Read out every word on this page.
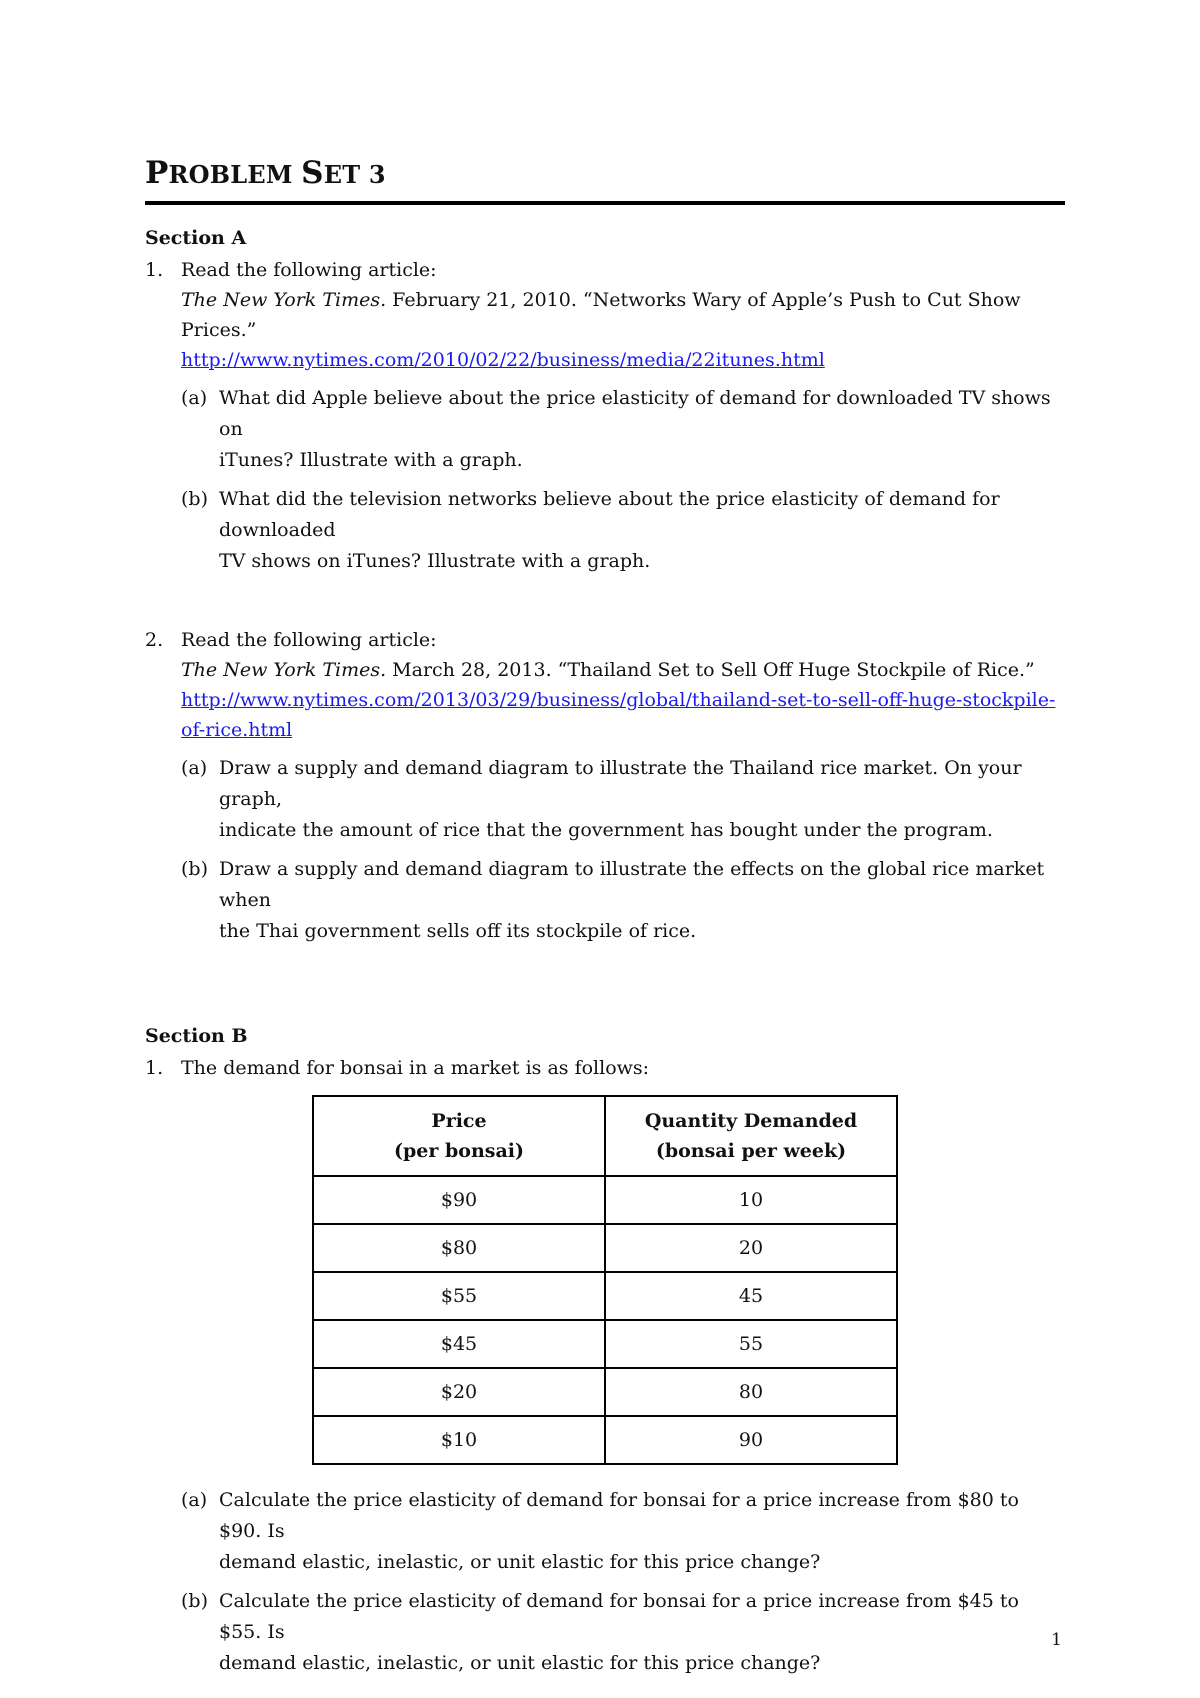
PROBLEM SET 3
Section A
1. Read the following article:
The New York Times. February 21, 2010. “Networks Wary of Apple’s Push to Cut Show Prices.”
http://www.nytimes.com/2010/02/22/business/media/22itunes.html
(a) What did Apple believe about the price elasticity of demand for downloaded TV shows on
iTunes? Illustrate with a graph.
(b) What did the television networks believe about the price elasticity of demand for downloaded
TV shows on iTunes? Illustrate with a graph.
2. Read the following article:
The New York Times. March 28, 2013. “Thailand Set to Sell Off Huge Stockpile of Rice.”
http://www.nytimes.com/2013/03/29/business/global/thailand-set-to-sell-off-huge-stockpile-
of-rice.html
(a) Draw a supply and demand diagram to illustrate the Thailand rice market. On your graph,
indicate the amount of rice that the government has bought under the program.
(b) Draw a supply and demand diagram to illustrate the effects on the global rice market when
the Thai government sells off its stockpile of rice.
Section B
1. The demand for bonsai in a market is as follows:
Price
(per bonsai)	Quantity Demanded
(bonsai per week)

$90	10
$80	20
$55	45
$45	55
$20	80
$10	90
(a) Calculate the price elasticity of demand for bonsai for a price increase from $80 to $90. Is
demand elastic, inelastic, or unit elastic for this price change?
(b) Calculate the price elasticity of demand for bonsai for a price increase from $45 to $55. Is
demand elastic, inelastic, or unit elastic for this price change?
1
